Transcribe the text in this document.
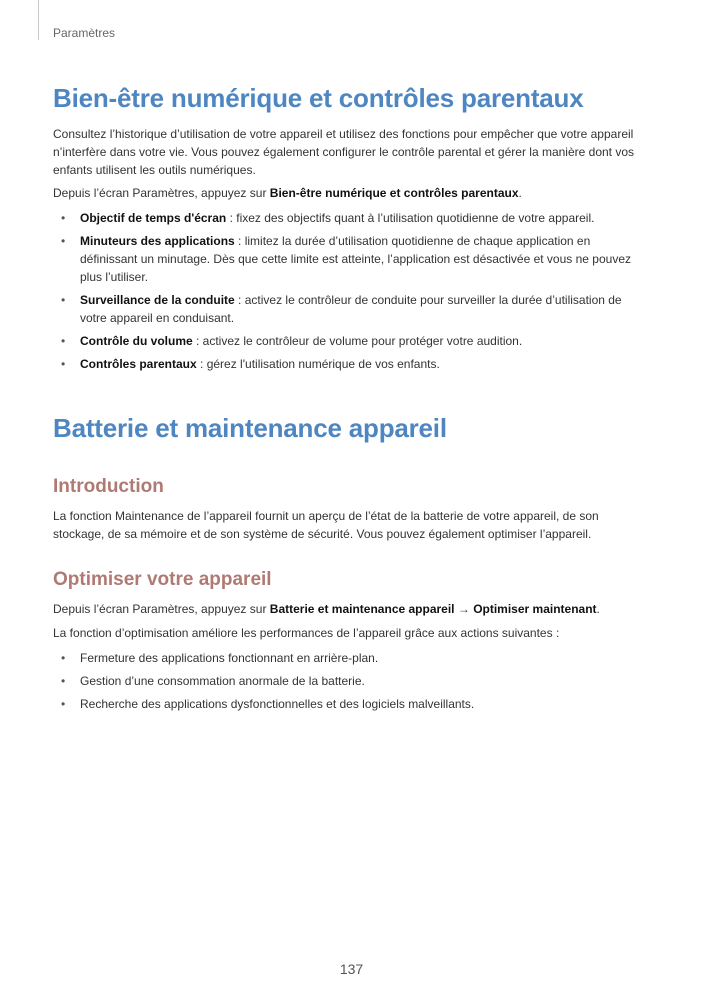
Paramètres
Bien-être numérique et contrôles parentaux

Consultez l’historique d’utilisation de votre appareil et utilisez des fonctions pour empêcher que votre appareil n’interfère dans votre vie. Vous pouvez également configurer le contrôle parental et gérer la manière dont vos enfants utilisent les outils numériques.

Depuis l’écran Paramètres, appuyez sur Bien-être numérique et contrôles parentaux.

• Objectif de temps d'écran : fixez des objectifs quant à l’utilisation quotidienne de votre appareil.
• Minuteurs des applications : limitez la durée d’utilisation quotidienne de chaque application en définissant un minutage. Dès que cette limite est atteinte, l’application est désactivée et vous ne pouvez plus l’utiliser.
• Surveillance de la conduite : activez le contrôleur de conduite pour surveiller la durée d’utilisation de votre appareil en conduisant.
• Contrôle du volume : activez le contrôleur de volume pour protéger votre audition.
• Contrôles parentaux : gérez l'utilisation numérique de vos enfants.
Batterie et maintenance appareil
Introduction

La fonction Maintenance de l’appareil fournit un aperçu de l’état de la batterie de votre appareil, de son stockage, de sa mémoire et de son système de sécurité. Vous pouvez également optimiser l’appareil.

Optimiser votre appareil

Depuis l’écran Paramètres, appuyez sur Batterie et maintenance appareil → Optimiser maintenant.

La fonction d’optimisation améliore les performances de l’appareil grâce aux actions suivantes :

• Fermeture des applications fonctionnant en arrière-plan.
• Gestion d’une consommation anormale de la batterie.
• Recherche des applications dysfonctionnelles et des logiciels malveillants.
137
